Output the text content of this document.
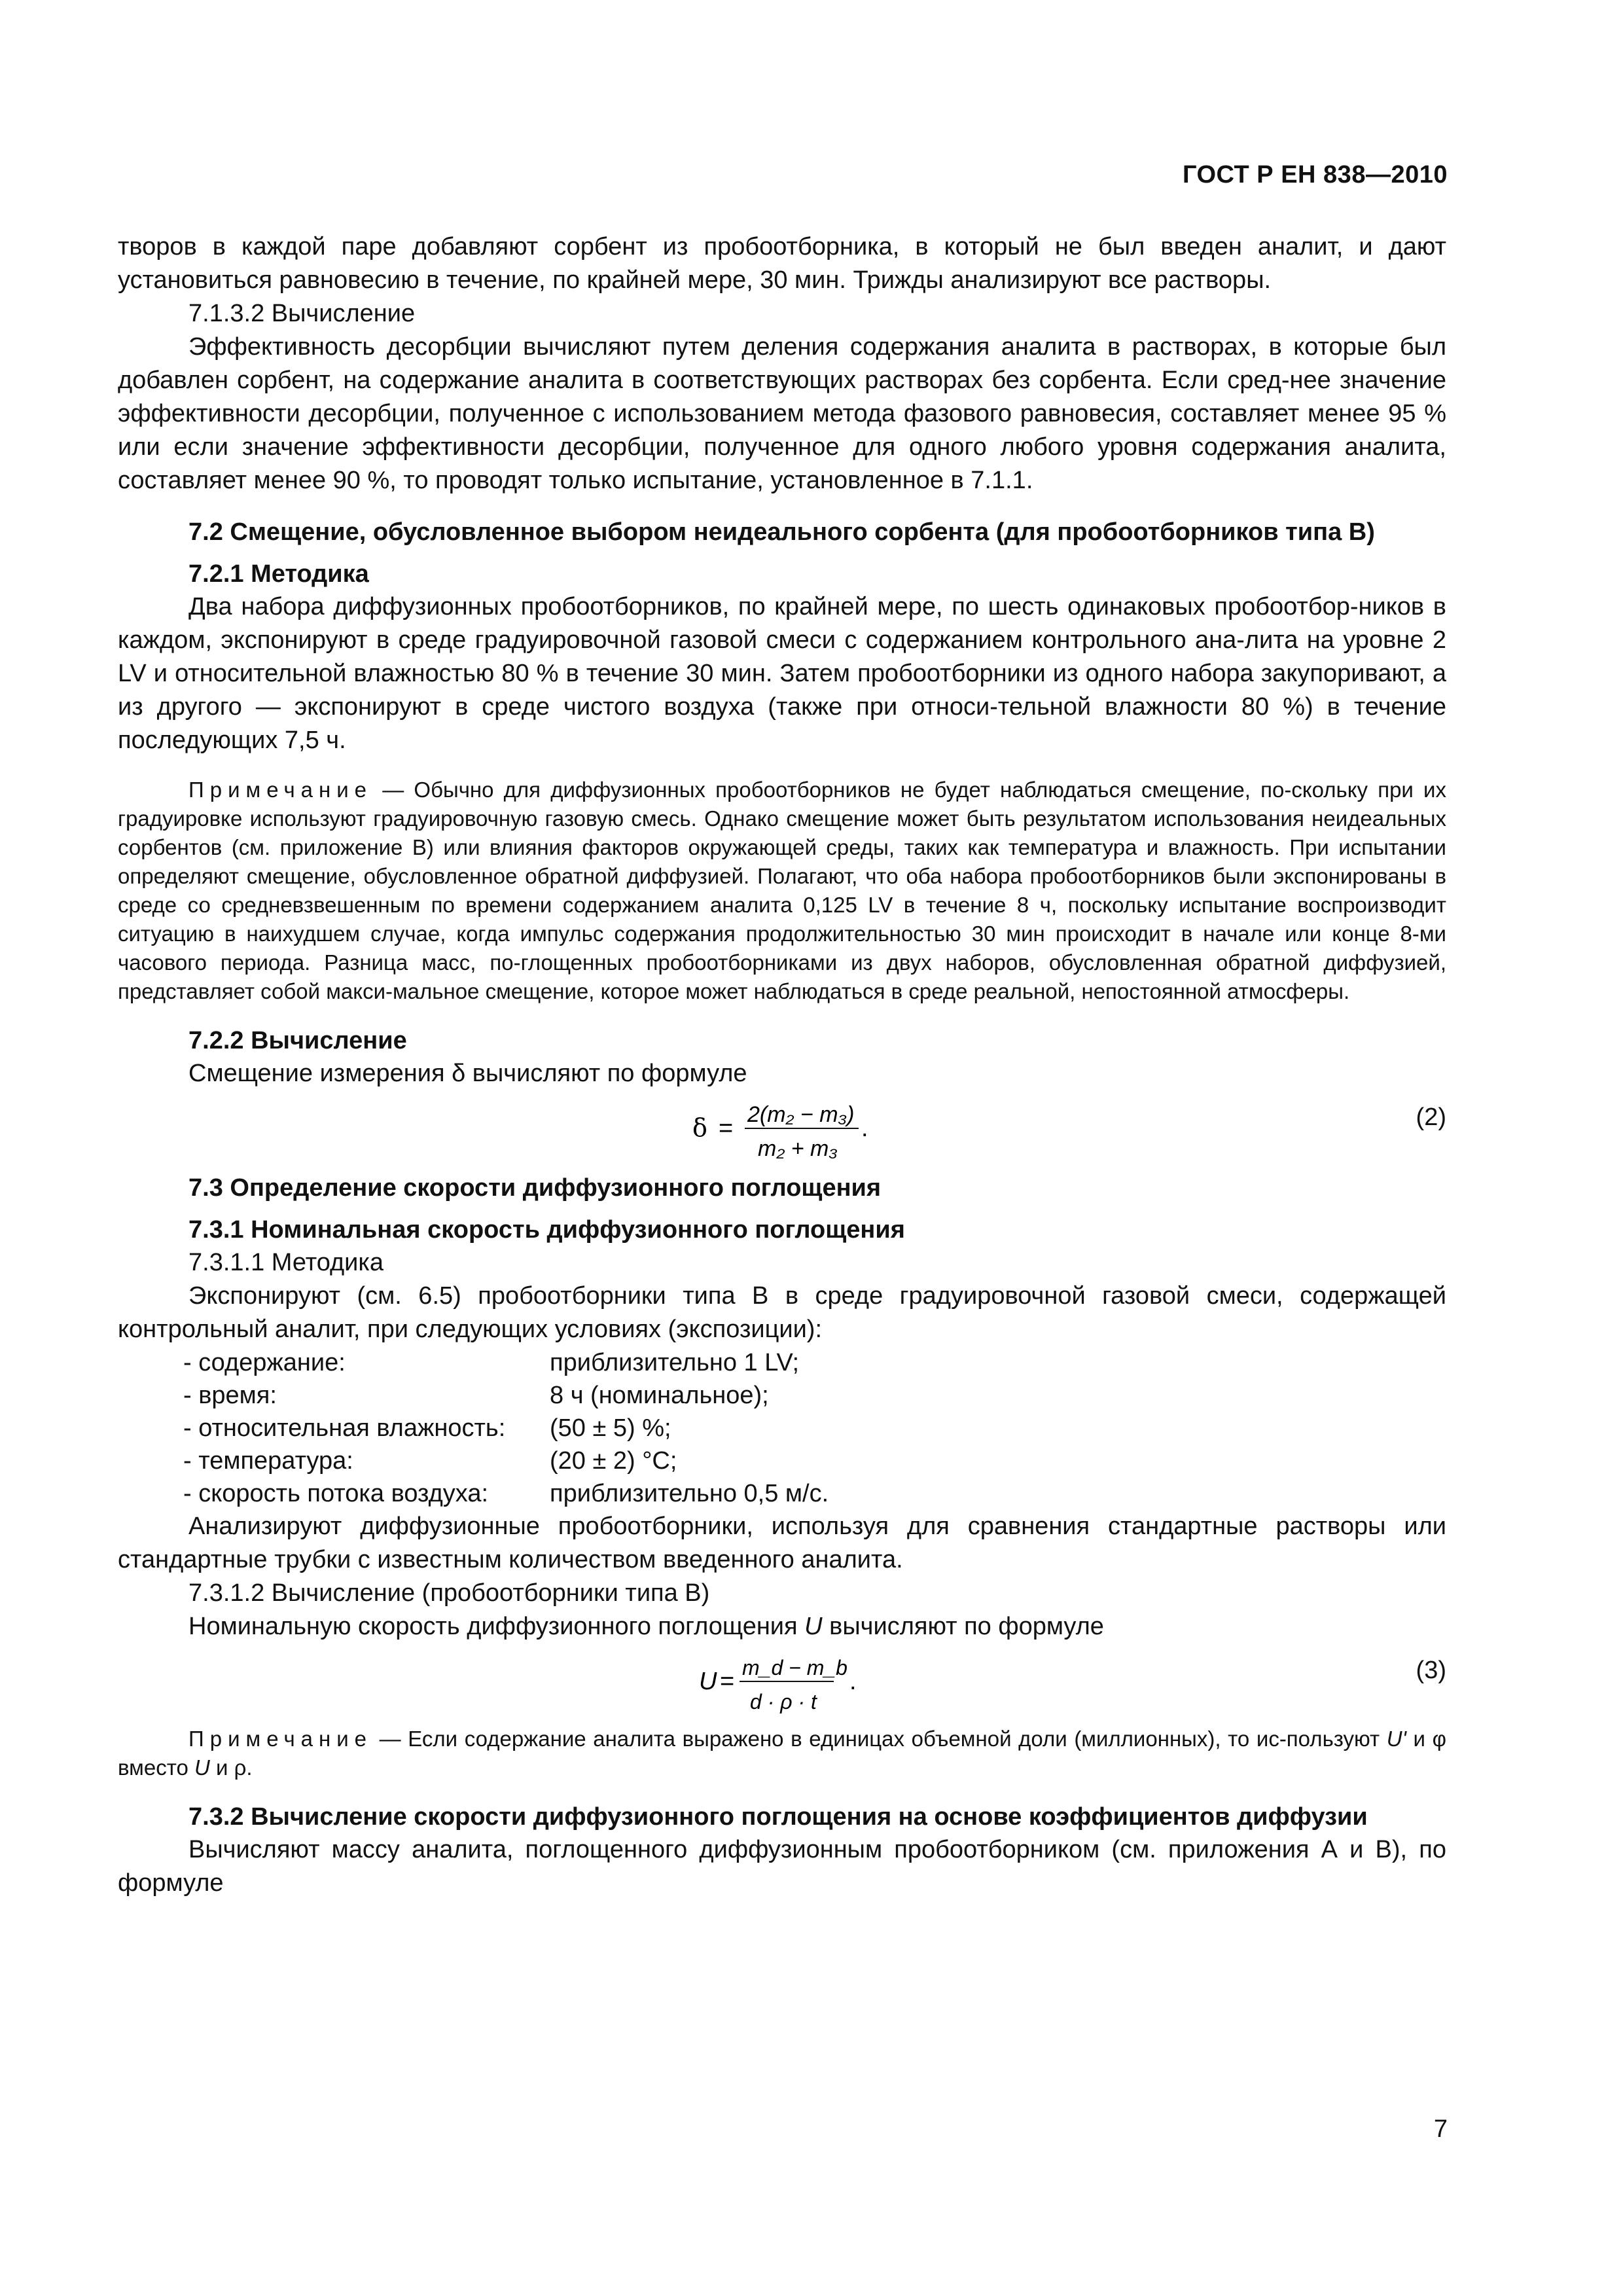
ГОСТ Р ЕН 838—2010

творов в каждой паре добавляют сорбент из пробоотборника, в который не был введен аналит, и дают установиться равновесию в течение, по крайней мере, 30 мин. Трижды анализируют все растворы.

7.1.3.2 Вычисление

Эффективность десорбции вычисляют путем деления содержания аналита в растворах, в которые был добавлен сорбент, на содержание аналита в соответствующих растворах без сорбента. Если сред-нее значение эффективности десорбции, полученное с использованием метода фазового равновесия, составляет менее 95 % или если значение эффективности десорбции, полученное для одного любого уровня содержания аналита, составляет менее 90 %, то проводят только испытание, установленное в 7.1.1.

7.2 Смещение, обусловленное выбором неидеального сорбента (для пробоотборников типа В)

7.2.1 Методика

Два набора диффузионных пробоотборников, по крайней мере, по шесть одинаковых пробоотбор-ников в каждом, экспонируют в среде градуировочной газовой смеси с содержанием контрольного ана-лита на уровне 2 LV и относительной влажностью 80 % в течение 30 мин. Затем пробоотборники из одного набора закупоривают, а из другого — экспонируют в среде чистого воздуха (также при относи-тельной влажности 80 %) в течение последующих 7,5 ч.

Примечание — Обычно для диффузионных пробоотборников не будет наблюдаться смещение, по-скольку при их градуировке используют градуировочную газовую смесь. Однако смещение может быть результатом использования неидеальных сорбентов (см. приложение В) или влияния факторов окружающей среды, таких как температура и влажность. При испытании определяют смещение, обусловленное обратной диффузией. Полагают, что оба набора пробоотборников были экспонированы в среде со средневзвешенным по времени содержанием аналита 0,125 LV в течение 8 ч, поскольку испытание воспроизводит ситуацию в наихудшем случае, когда импульс содержания продолжительностью 30 мин происходит в начале или конце 8-ми часового периода. Разница масс, по-глощенных пробоотборниками из двух наборов, обусловленная обратной диффузией, представляет собой макси-мальное смещение, которое может наблюдаться в среде реальной, непостоянной атмосферы.

7.2.2 Вычисление

Смещение измерения δ вычисляют по формуле

δ = 2(m₂ − m₃)
m₂ + m₃
.	(2)

7.3 Определение скорости диффузионного поглощения

7.3.1 Номинальная скорость диффузионного поглощения

7.3.1.1 Методика

Экспонируют (см. 6.5) пробоотборники типа В в среде градуировочной газовой смеси, содержащей контрольный аналит, при следующих условиях (экспозиции):

- содержание:	приблизительно 1 LV;
- время:	8 ч (номинальное);
- относительная влажность: (50 ± 5) %;
- температура:	(20 ± 2) °С;
- скорость потока воздуха: приблизительно 0,5 м/с.

Анализируют диффузионные пробоотборники, используя для сравнения стандартные растворы или стандартные трубки с известным количеством введенного аналита.

7.3.1.2 Вычисление (пробоотборники типа В)

Номинальную скорость диффузионного поглощения U вычисляют по формуле

U = m_d − m_b
d · ρ · t
.	(3)

Примечание — Если содержание аналита выражено в единицах объемной доли (миллионных), то ис-пользуют U' и φ вместо U и ρ.

7.3.2 Вычисление скорости диффузионного поглощения на основе коэффициентов диффузии

Вычисляют массу аналита, поглощенного диффузионным пробоотборником (см. приложения А и В), по формуле

7
